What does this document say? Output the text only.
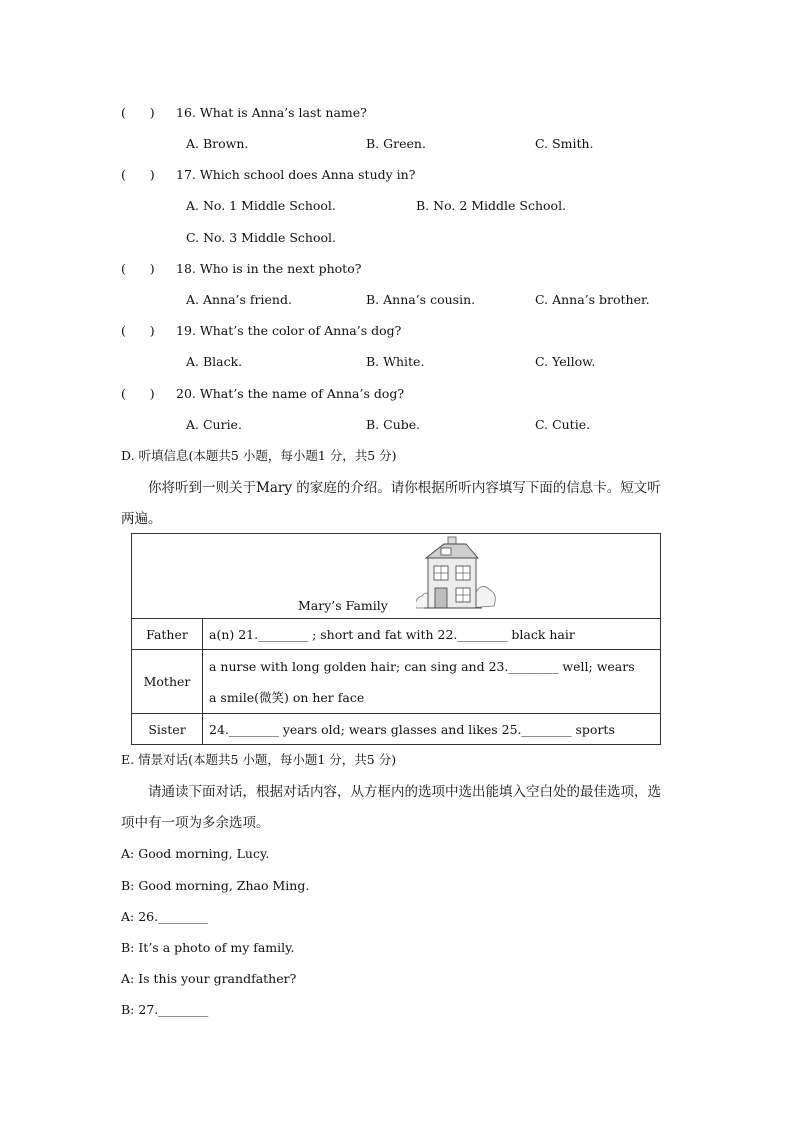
(      ) 16. What is Anna’s last name?
A. Brown.	B. Green.	C. Smith.
(      ) 17. Which school does Anna study in?
A. No. 1 Middle School.	B. No. 2 Middle School.
C. No. 3 Middle School.
(      ) 18. Who is in the next photo?
A. Anna’s friend.	B. Anna’s cousin.	C. Anna’s brother.
(      ) 19. What’s the color of Anna’s dog?
A. Black.	B. White.	C. Yellow.
(      ) 20. What’s the name of Anna’s dog?
A. Curie.	B. Cube.	C. Cutie.
D. 听填信息(本题共5 小题，每小题1 分，共5 分)
你将听到一则关于Mary 的家庭的介绍。请你根据所听内容填写下面的信息卡。短文听
两遍。
Mary’s Family	

Father	a(n) 21.________ ; short and fat with 22.________ black hair
Mother	a nurse with long golden hair; can sing and 23.________ well; wears
a smile(微笑) on her face

Sister	24.________ years old; wears glasses and likes 25.________ sports
E. 情景对话(本题共5 小题，每小题1 分，共5 分)
请通读下面对话，根据对话内容，从方框内的选项中选出能填入空白处的最佳选项，选
项中有一项为多余选项。
A: Good morning, Lucy.
B: Good morning, Zhao Ming.
A: 26.________
B: It’s a photo of my family.
A: Is this your grandfather?
B: 27.________
